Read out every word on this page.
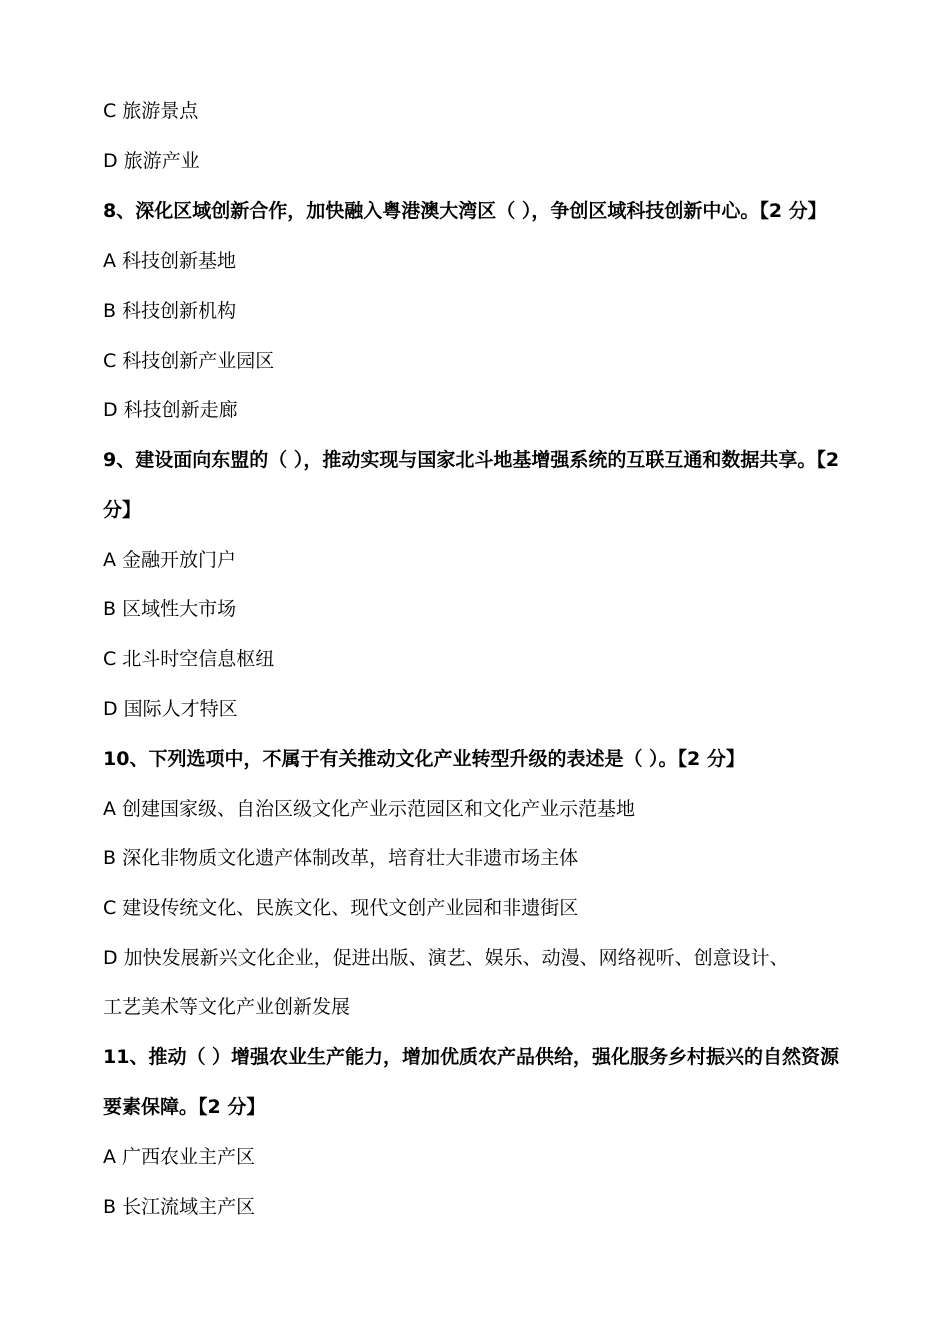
C 旅游景点
D 旅游产业
8、深化区域创新合作，加快融入粤港澳大湾区（ ），争创区域科技创新中心。【2 分】
A 科技创新基地
B 科技创新机构
C 科技创新产业园区
D 科技创新走廊
9、建设面向东盟的（ ），推动实现与国家北斗地基增强系统的互联互通和数据共享。【2
分】
A 金融开放门户
B 区域性大市场
C 北斗时空信息枢纽
D 国际人才特区
10、下列选项中，不属于有关推动文化产业转型升级的表述是（ ）。【2 分】
A 创建国家级、自治区级文化产业示范园区和文化产业示范基地
B 深化非物质文化遗产体制改革，培育壮大非遗市场主体
C 建设传统文化、民族文化、现代文创产业园和非遗街区
D 加快发展新兴文化企业，促进出版、演艺、娱乐、动漫、网络视听、创意设计、
工艺美术等文化产业创新发展
11、推动（ ）增强农业生产能力，增加优质农产品供给，强化服务乡村振兴的自然资源
要素保障。【2 分】
A 广西农业主产区
B 长江流域主产区
